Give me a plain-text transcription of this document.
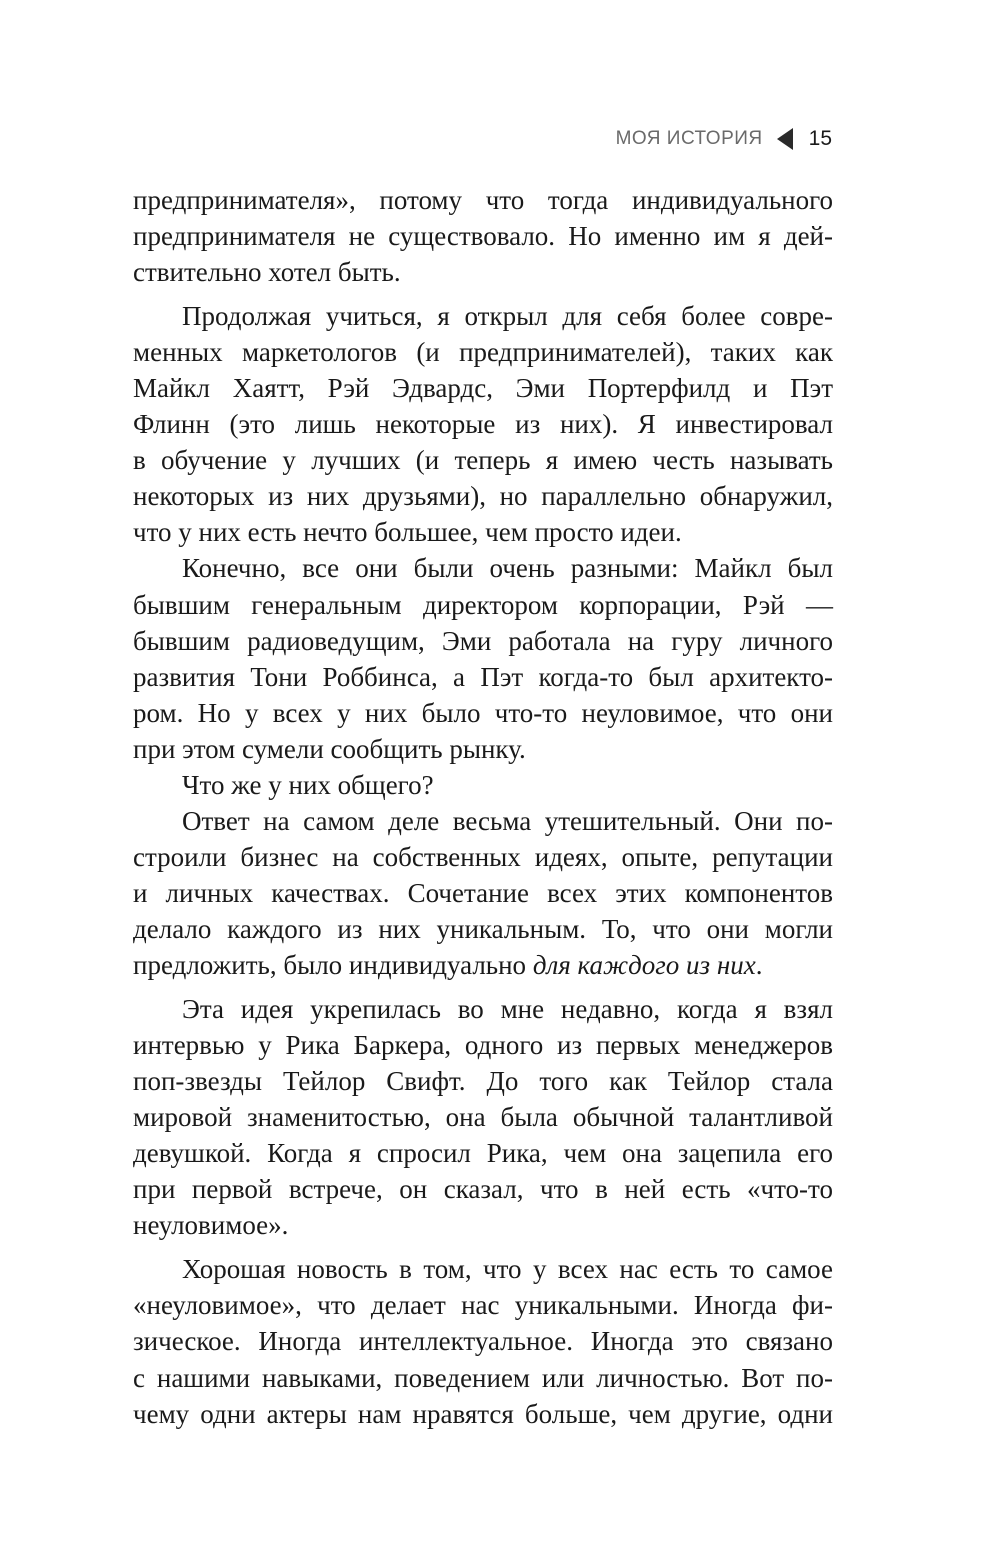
МОЯ ИСТОРИЯ 15

предпринимателя», потому что тогда индивидуального
предпринимателя не существовало. Но именно им я дей-
ствительно хотел быть.

Продолжая учиться, я открыл для себя более совре-
менных маркетологов (и предпринимателей), таких как
Майкл Хаятт, Рэй Эдвардс, Эми Портерфилд и Пэт
Флинн (это лишь некоторые из них). Я инвестировал
в обучение у лучших (и теперь я имею честь называть
некоторых из них друзьями), но параллельно обнаружил,
что у них есть нечто большее, чем просто идеи.

Конечно, все они были очень разными: Майкл был
бывшим генеральным директором корпорации, Рэй —
бывшим радиоведущим, Эми работала на гуру личного
развития Тони Роббинса, а Пэт когда-то был архитекто-
ром. Но у всех у них было что-то неуловимое, что они
при этом сумели сообщить рынку.

Что же у них общего?

Ответ на самом деле весьма утешительный. Они по-
строили бизнес на собственных идеях, опыте, репутации
и личных качествах. Сочетание всех этих компонентов
делало каждого из них уникальным. То, что они могли
предложить, было индивидуально для каждого из них.

Эта идея укрепилась во мне недавно, когда я взял
интервью у Рика Баркера, одного из первых менеджеров
поп-звезды Тейлор Свифт. До того как Тейлор стала
мировой знаменитостью, она была обычной талантливой
девушкой. Когда я спросил Рика, чем она зацепила его
при первой встрече, он сказал, что в ней есть «что-то
неуловимое».

Хорошая новость в том, что у всех нас есть то самое
«неуловимое», что делает нас уникальными. Иногда фи-
зическое. Иногда интеллектуальное. Иногда это связано
с нашими навыками, поведением или личностью. Вот по-
чему одни актеры нам нравятся больше, чем другие, одни
